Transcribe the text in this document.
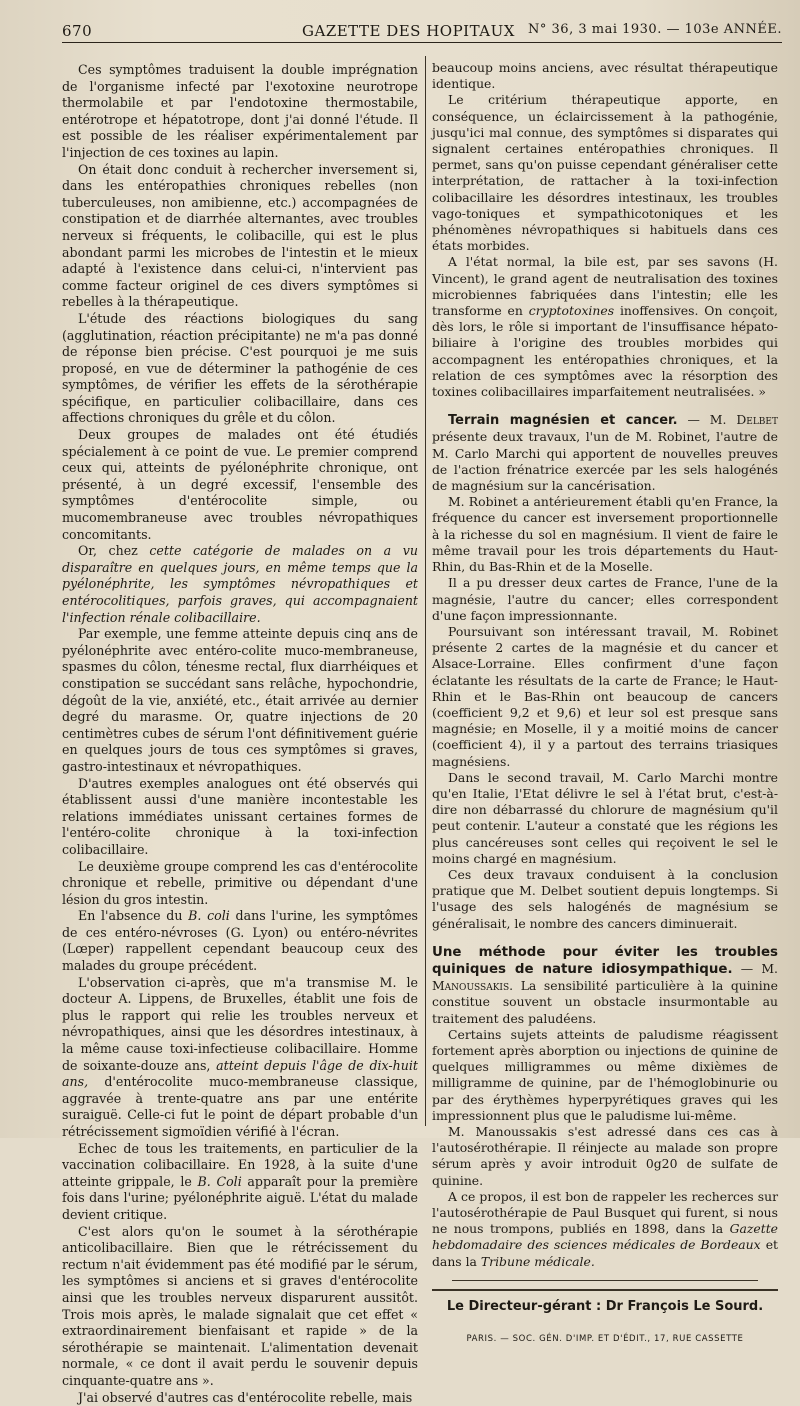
670	GAZETTE DES HOPITAUX N° 36, 3 mai 1930. — 103e ANNÉE.

Ces symptômes traduisent la double imprégnation de l'organisme infecté par l'exotoxine neurotrope thermolabile et par l'endotoxine thermostabile, entérotrope et hépatotrope, dont j'ai donné l'étude. Il est possible de les réaliser expérimentalement par l'injection de ces toxines au lapin.

On était donc conduit à rechercher inversement si, dans les entéropathies chroniques rebelles (non tuberculeuses, non amibienne, etc.) accompagnées de constipation et de diarrhée alternantes, avec troubles nerveux si fréquents, le colibacille, qui est le plus abondant parmi les microbes de l'intestin et le mieux adapté à l'existence dans celui-ci, n'intervient pas comme facteur originel de ces divers symptômes si rebelles à la thérapeutique.

L'étude des réactions biologiques du sang (agglutination, réaction précipitante) ne m'a pas donné de réponse bien précise. C'est pourquoi je me suis proposé, en vue de déterminer la pathogénie de ces symptômes, de vérifier les effets de la sérothérapie spécifique, en particulier colibacillaire, dans ces affections chroniques du grêle et du côlon.

Deux groupes de malades ont été étudiés spécialement à ce point de vue. Le premier comprend ceux qui, atteints de pyélonéphrite chronique, ont présenté, à un degré excessif, l'ensemble des symptômes d'entérocolite simple, ou mucomembraneuse avec troubles névropathiques concomitants.

Or, chez cette catégorie de malades on a vu disparaître en quelques jours, en même temps que la pyélonéphrite, les symptômes névropathiques et entérocolitiques, parfois graves, qui accompagnaient l'infection rénale colibacillaire.

Par exemple, une femme atteinte depuis cinq ans de pyélonéphrite avec entéro-colite muco-membraneuse, spasmes du côlon, ténesme rectal, flux diarrhéiques et constipation se succédant sans relâche, hypochondrie, dégoût de la vie, anxiété, etc., était arrivée au dernier degré du marasme. Or, quatre injections de 20 centimètres cubes de sérum l'ont définitivement guérie en quelques jours de tous ces symptômes si graves, gastro-intestinaux et névropathiques.

D'autres exemples analogues ont été observés qui établissent aussi d'une manière incontestable les relations immédiates unissant certaines formes de l'entéro-colite chronique à la toxi-infection colibacillaire.

Le deuxième groupe comprend les cas d'entérocolite chronique et rebelle, primitive ou dépendant d'une lésion du gros intestin.

En l'absence du B. coli dans l'urine, les symptômes de ces entéro-névroses (G. Lyon) ou entéro-névrites (Lœper) rappellent cependant beaucoup ceux des malades du groupe précédent.

L'observation ci-après, que m'a transmise M. le docteur A. Lippens, de Bruxelles, établit une fois de plus le rapport qui relie les troubles nerveux et névropathiques, ainsi que les désordres intestinaux, à la même cause toxi-infectieuse colibacillaire. Homme de soixante-douze ans, atteint depuis l'âge de dix-huit ans, d'entérocolite muco-membraneuse classique, aggravée à trente-quatre ans par une entérite suraiguë. Celle-ci fut le point de départ probable d'un rétrécissement sigmoïdien vérifié à l'écran.

Echec de tous les traitements, en particulier de la vaccination colibacillaire. En 1928, à la suite d'une atteinte grippale, le B. Coli apparaît pour la première fois dans l'urine; pyélonéphrite aiguë. L'état du malade devient critique.

C'est alors qu'on le soumet à la sérothérapie anticolibacillaire. Bien que le rétrécissement du rectum n'ait évidemment pas été modifié par le sérum, les symptômes si anciens et si graves d'entérocolite ainsi que les troubles nerveux disparurent aussitôt. Trois mois après, le malade signalait que cet effet « extraordinairement bienfaisant et rapide » de la sérothérapie se maintenait. L'alimentation devenait normale, « ce dont il avait perdu le souvenir depuis cinquante-quatre ans ».

J'ai observé d'autres cas d'entérocolite rebelle, mais

beaucoup moins anciens, avec résultat thérapeutique identique.

Le critérium thérapeutique apporte, en conséquence, un éclaircissement à la pathogénie, jusqu'ici mal connue, des symptômes si disparates qui signalent certaines entéropathies chroniques. Il permet, sans qu'on puisse cependant généraliser cette interprétation, de rattacher à la toxi-infection colibacillaire les désordres intestinaux, les troubles vago-toniques et sympathicotoniques et les phénomènes névropathiques si habituels dans ces états morbides.

A l'état normal, la bile est, par ses savons (H. Vincent), le grand agent de neutralisation des toxines microbiennes fabriquées dans l'intestin; elle les transforme en cryptotoxines inoffensives. On conçoit, dès lors, le rôle si important de l'insuffisance hépato-biliaire à l'origine des troubles morbides qui accompagnent les entéropathies chroniques, et la relation de ces symptômes avec la résorption des toxines colibacillaires imparfaitement neutralisées. »

Terrain magnésien et cancer. — M. Delbet présente deux travaux, l'un de M. Robinet, l'autre de M. Carlo Marchi qui apportent de nouvelles preuves de l'action frénatrice exercée par les sels halogénés de magnésium sur la cancérisation.

M. Robinet a antérieurement établi qu'en France, la fréquence du cancer est inversement proportionnelle à la richesse du sol en magnésium. Il vient de faire le même travail pour les trois départements du Haut-Rhin, du Bas-Rhin et de la Moselle.

Il a pu dresser deux cartes de France, l'une de la magnésie, l'autre du cancer; elles correspondent d'une façon impressionnante.

Poursuivant son intéressant travail, M. Robinet présente 2 cartes de la magnésie et du cancer et Alsace-Lorraine. Elles confirment d'une façon éclatante les résultats de la carte de France; le Haut-Rhin et le Bas-Rhin ont beaucoup de cancers (coefficient 9,2 et 9,6) et leur sol est presque sans magnésie; en Moselle, il y a moitié moins de cancer (coefficient 4), il y a partout des terrains triasiques magnésiens.

Dans le second travail, M. Carlo Marchi montre qu'en Italie, l'Etat délivre le sel à l'état brut, c'est-à-dire non débarrassé du chlorure de magnésium qu'il peut contenir. L'auteur a constaté que les régions les plus cancéreuses sont celles qui reçoivent le sel le moins chargé en magnésium.

Ces deux travaux conduisent à la conclusion pratique que M. Delbet soutient depuis longtemps. Si l'usage des sels halogénés de magnésium se généralisait, le nombre des cancers diminuerait.

Une méthode pour éviter les troubles quiniques de nature idiosympathique. — M. Manoussakis. La sensibilité particulière à la quinine constitue souvent un obstacle insurmontable au traitement des paludéens.

Certains sujets atteints de paludisme réagissent fortement après aborption ou injections de quinine de quelques milligrammes ou même dixièmes de milligramme de quinine, par de l'hémoglobinurie ou par des érythèmes hyperpyrétiques graves qui les impressionnent plus que le paludisme lui-même.

M. Manoussakis s'est adressé dans ces cas à l'autosérothérapie. Il réinjecte au malade son propre sérum après y avoir introduit 0g20 de sulfate de quinine.

A ce propos, il est bon de rappeler les recherces sur l'autosérothérapie de Paul Busquet qui furent, si nous ne nous trompons, publiés en 1898, dans la Gazette hebdomadaire des sciences médicales de Bordeaux et dans la Tribune médicale.

Le Directeur-gérant : Dr François Le Sourd.
PARIS. — SOC. GÉN. D'IMP. ET D'ÉDIT., 17, RUE CASSETTE
